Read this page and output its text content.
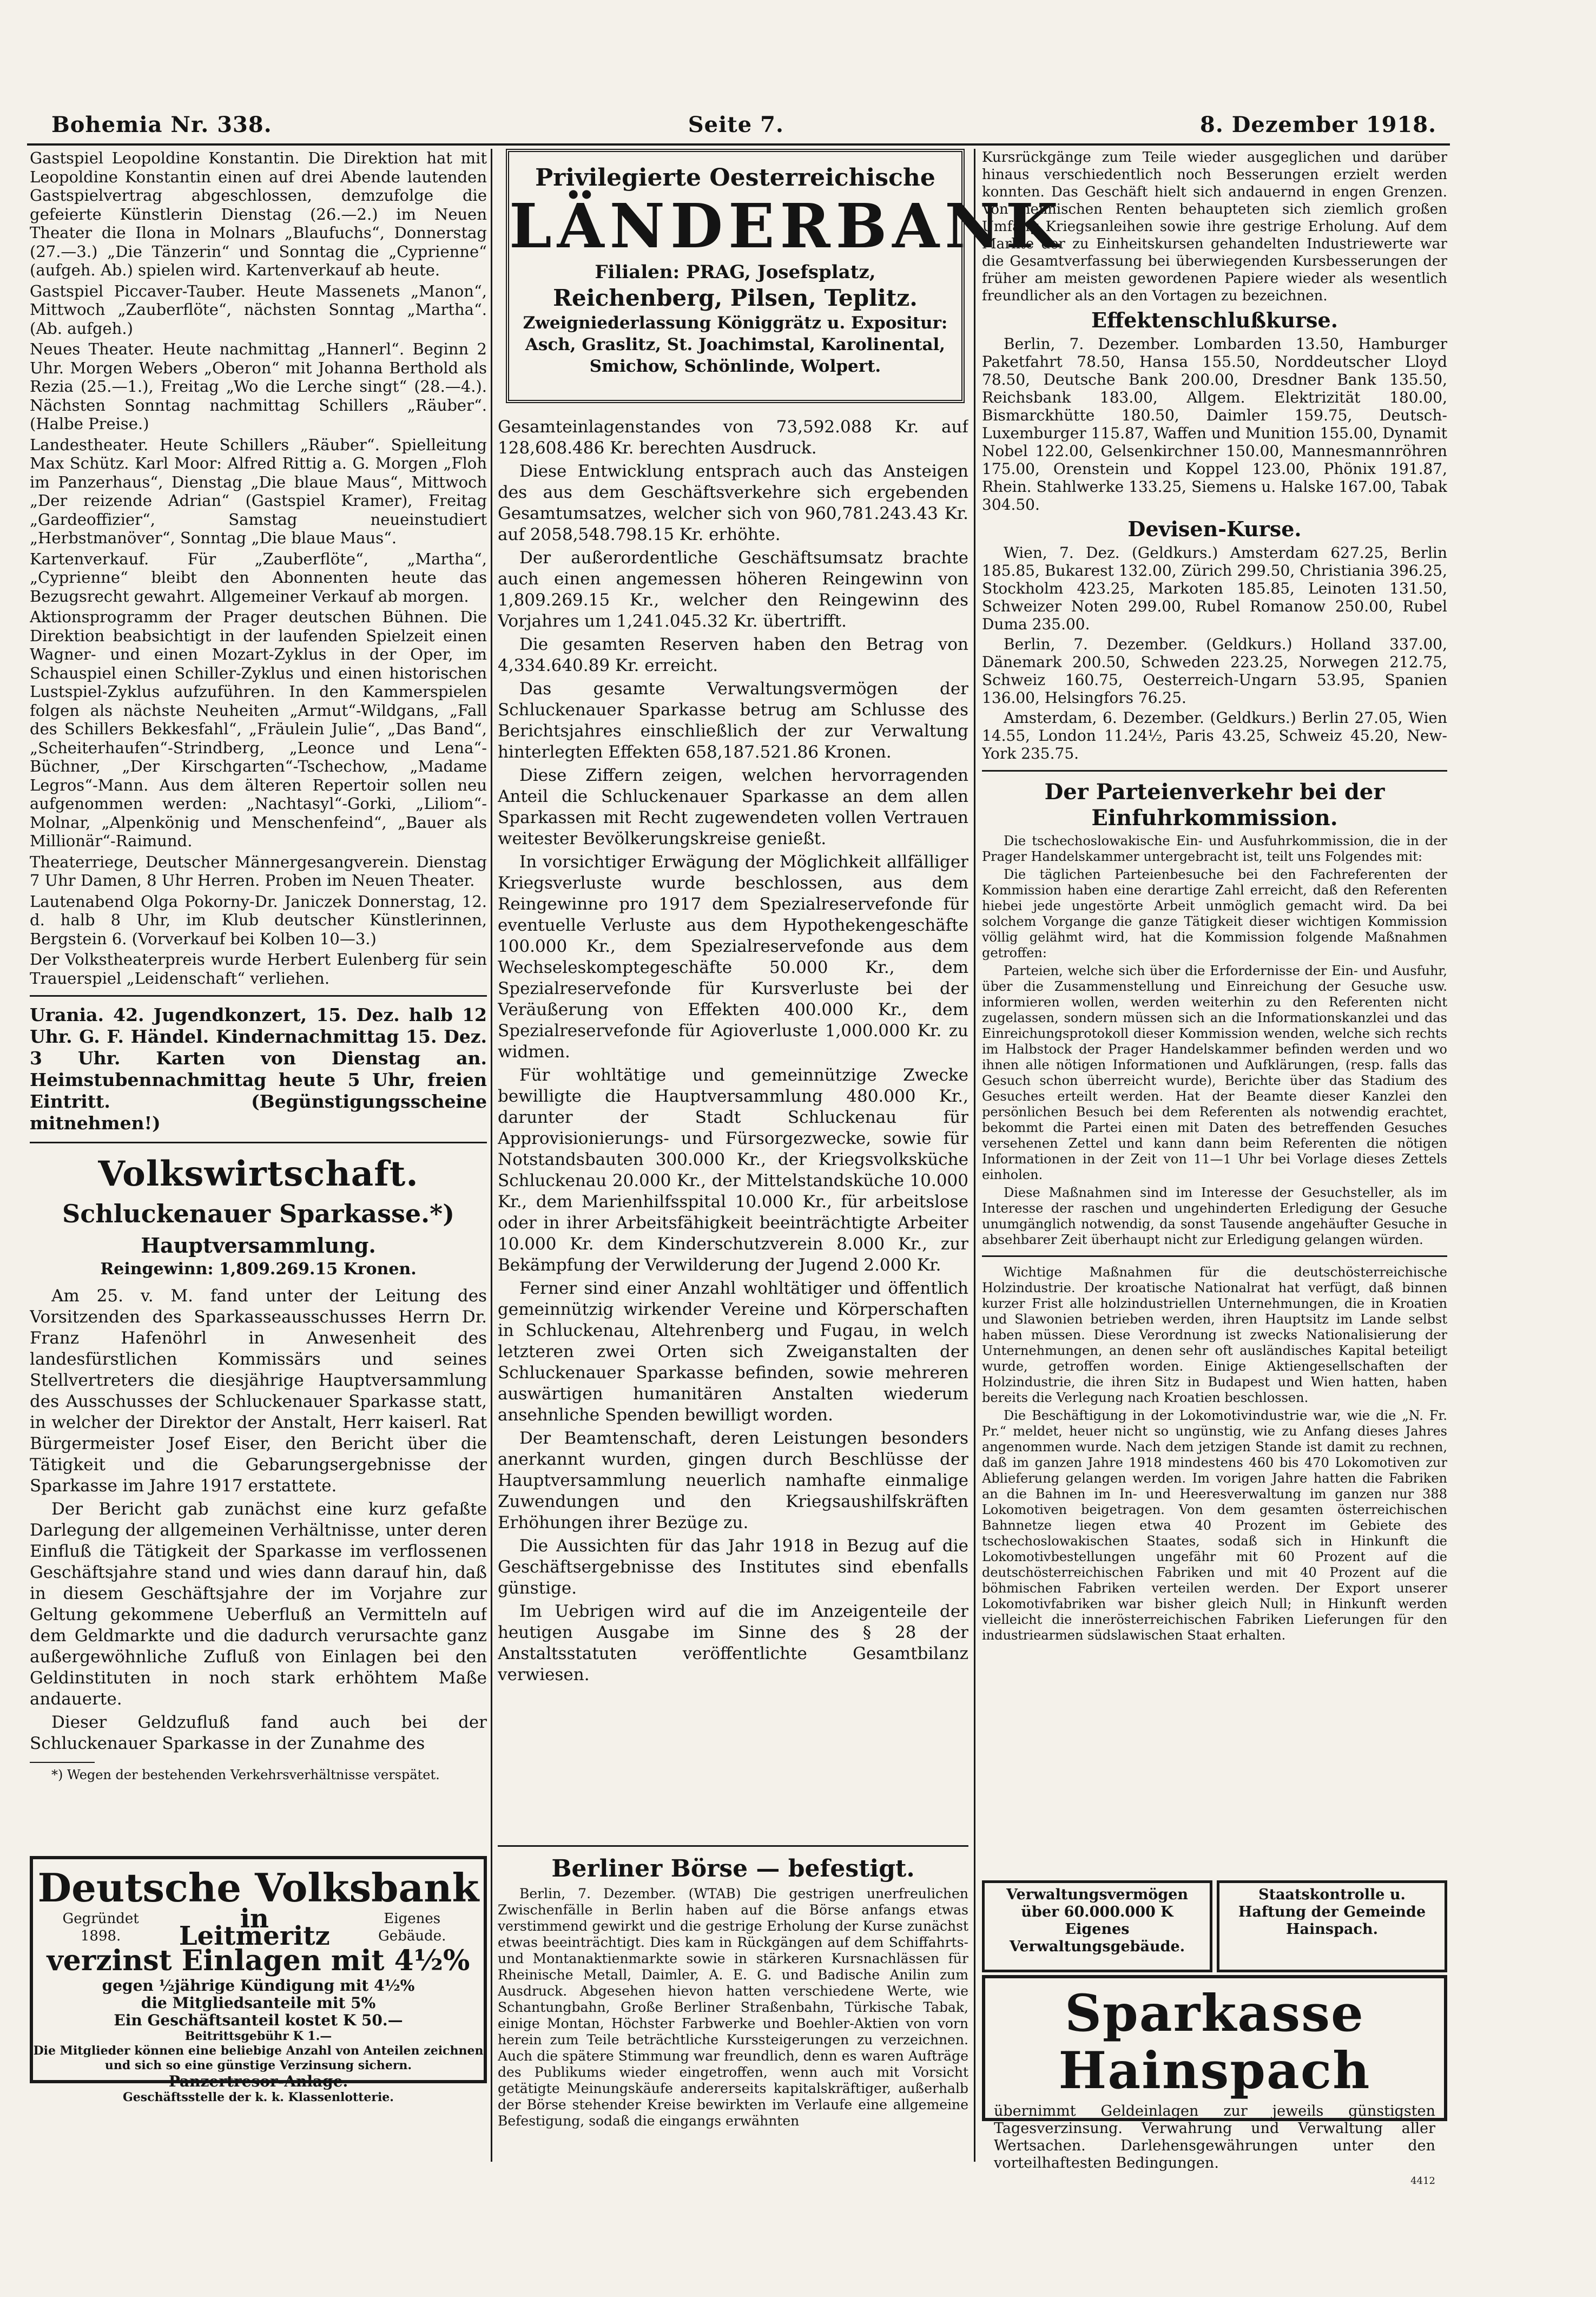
Bohemia Nr. 338.	Seite 7.	8. Dezember 1918.

Gastspiel Leopoldine Konstantin. Die Direktion hat mit Leopoldine Konstantin einen auf drei Abende lautenden Gastspielvertrag abgeschlossen, demzufolge die gefeierte Künstlerin Dienstag (26.—2.) im Neuen Theater die Ilona in Molnars „Blaufuchs“, Donnerstag (27.—3.) „Die Tänzerin“ und Sonntag die „Cyprienne“ (aufgeh. Ab.) spielen wird. Kartenverkauf ab heute.

Gastspiel Piccaver-Tauber. Heute Massenets „Manon“, Mittwoch „Zauberflöte“, nächsten Sonntag „Martha“. (Ab. aufgeh.)

Neues Theater. Heute nachmittag „Hannerl“. Beginn 2 Uhr. Morgen Webers „Oberon“ mit Johanna Berthold als Rezia (25.—1.), Freitag „Wo die Lerche singt“ (28.—4.). Nächsten Sonntag nachmittag Schillers „Räuber“. (Halbe Preise.)

Landestheater. Heute Schillers „Räuber“. Spielleitung Max Schütz. Karl Moor: Alfred Rittig a. G. Morgen „Floh im Panzerhaus“, Dienstag „Die blaue Maus“, Mittwoch „Der reizende Adrian“ (Gastspiel Kramer), Freitag „Gardeoffizier“, Samstag neueinstudiert „Herbstmanöver“, Sonntag „Die blaue Maus“.

Kartenverkauf. Für „Zauberflöte“, „Martha“, „Cyprienne“ bleibt den Abonnenten heute das Bezugsrecht gewahrt. Allgemeiner Verkauf ab morgen.

Aktionsprogramm der Prager deutschen Bühnen. Die Direktion beabsichtigt in der laufenden Spielzeit einen Wagner- und einen Mozart-Zyklus in der Oper, im Schauspiel einen Schiller-Zyklus und einen historischen Lustspiel-Zyklus aufzuführen. In den Kammerspielen folgen als nächste Neuheiten „Armut“-Wildgans, „Fall des Schillers Bekkesfahl“, „Fräulein Julie“, „Das Band“, „Scheiterhaufen“-Strindberg, „Leonce und Lena“-Büchner, „Der Kirschgarten“-Tschechow, „Madame Legros“-Mann. Aus dem älteren Repertoir sollen neu aufgenommen werden: „Nachtasyl“-Gorki, „Liliom“-Molnar, „Alpenkönig und Menschenfeind“, „Bauer als Millionär“-Raimund.

Theaterriege, Deutscher Männergesangverein. Dienstag 7 Uhr Damen, 8 Uhr Herren. Proben im Neuen Theater.

Lautenabend Olga Pokorny-Dr. Janiczek Donnerstag, 12. d. halb 8 Uhr, im Klub deutscher Künstlerinnen, Bergstein 6. (Vorverkauf bei Kolben 10—3.)

Der Volkstheaterpreis wurde Herbert Eulenberg für sein Trauerspiel „Leidenschaft“ verliehen.

Urania. 42. Jugendkonzert, 15. Dez. halb 12 Uhr. G. F. Händel. Kindernachmittag 15. Dez. 3 Uhr. Karten von Dienstag an. Heimstubennachmittag heute 5 Uhr, freien Eintritt. (Begünstigungsscheine mitnehmen!)

Volkswirtschaft.
Schluckenauer Sparkasse.*)
Hauptversammlung.
Reingewinn: 1,809.269.15 Kronen.

Am 25. v. M. fand unter der Leitung des Vorsitzenden des Sparkasseausschusses Herrn Dr. Franz Hafenöhrl in Anwesenheit des landesfürstlichen Kommissärs und seines Stellvertreters die diesjährige Hauptversammlung des Ausschusses der Schluckenauer Sparkasse statt, in welcher der Direktor der Anstalt, Herr kaiserl. Rat Bürgermeister Josef Eiser, den Bericht über die Tätigkeit und die Gebarungsergebnisse der Sparkasse im Jahre 1917 erstattete.

Der Bericht gab zunächst eine kurz gefaßte Darlegung der allgemeinen Verhältnisse, unter deren Einfluß die Tätigkeit der Sparkasse im verflossenen Geschäftsjahre stand und wies dann darauf hin, daß in diesem Geschäftsjahre der im Vorjahre zur Geltung gekommene Ueberfluß an Vermitteln auf dem Geldmarkte und die dadurch verursachte ganz außergewöhnliche Zufluß von Einlagen bei den Geldinstituten in noch stark erhöhtem Maße andauerte.

Dieser Geldzufluß fand auch bei der Schluckenauer Sparkasse in der Zunahme des

*) Wegen der bestehenden Verkehrsverhältnisse verspätet.

Deutsche Volksbank
Gegründet 1898.
in Leitmeritz
Eigenes Gebäude.
verzinst Einlagen mit 4½%
gegen ½jährige Kündigung mit 4½%
die Mitgliedsanteile mit 5%
Ein Geschäftsanteil kostet K 50.—
Beitrittsgebühr K 1.—
Die Mitglieder können eine beliebige Anzahl von Anteilen zeichnen und sich so eine günstige Verzinsung sichern.
Panzertresor-Anlage.
Geschäftsstelle der k. k. Klassenlotterie.
Privilegierte Oesterreichische
LÄNDERBANK
Filialen: PRAG, Josefsplatz,
Reichenberg, Pilsen, Teplitz.
Zweigniederlassung Königgrätz u. Expositur:
Asch, Graslitz, St. Joachimstal, Karolinental,
Smichow, Schönlinde, Wolpert.

Gesamteinlagenstandes von 73,592.088 Kr. auf 128,608.486 Kr. berechten Ausdruck.

Diese Entwicklung entsprach auch das Ansteigen des aus dem Geschäftsverkehre sich ergebenden Gesamtumsatzes, welcher sich von 960,781.243.43 Kr. auf 2058,548.798.15 Kr. erhöhte.

Der außerordentliche Geschäftsumsatz brachte auch einen angemessen höheren Reingewinn von 1,809.269.15 Kr., welcher den Reingewinn des Vorjahres um 1,241.045.32 Kr. übertrifft.

Die gesamten Reserven haben den Betrag von 4,334.640.89 Kr. erreicht.

Das gesamte Verwaltungsvermögen der Schluckenauer Sparkasse betrug am Schlusse des Berichtsjahres einschließlich der zur Verwaltung hinterlegten Effekten 658,187.521.86 Kronen.

Diese Ziffern zeigen, welchen hervorragenden Anteil die Schluckenauer Sparkasse an dem allen Sparkassen mit Recht zugewendeten vollen Vertrauen weitester Bevölkerungskreise genießt.

In vorsichtiger Erwägung der Möglichkeit allfälliger Kriegsverluste wurde beschlossen, aus dem Reingewinne pro 1917 dem Spezialreservefonde für eventuelle Verluste aus dem Hypothekengeschäfte 100.000 Kr., dem Spezialreservefonde aus dem Wechseleskomptegeschäfte 50.000 Kr., dem Spezialreservefonde für Kursverluste bei der Veräußerung von Effekten 400.000 Kr., dem Spezialreservefonde für Agioverluste 1,000.000 Kr. zu widmen.

Für wohltätige und gemeinnützige Zwecke bewilligte die Hauptversammlung 480.000 Kr., darunter der Stadt Schluckenau für Approvisionierungs- und Fürsorgezwecke, sowie für Notstandsbauten 300.000 Kr., der Kriegsvolksküche Schluckenau 20.000 Kr., der Mittelstandsküche 10.000 Kr., dem Marienhilfsspital 10.000 Kr., für arbeitslose oder in ihrer Arbeitsfähigkeit beeinträchtigte Arbeiter 10.000 Kr. dem Kinderschutzverein 8.000 Kr., zur Bekämpfung der Verwilderung der Jugend 2.000 Kr.

Ferner sind einer Anzahl wohltätiger und öffentlich gemeinnützig wirkender Vereine und Körperschaften in Schluckenau, Altehrenberg und Fugau, in welch letzteren zwei Orten sich Zweiganstalten der Schluckenauer Sparkasse befinden, sowie mehreren auswärtigen humanitären Anstalten wiederum ansehnliche Spenden bewilligt worden.

Der Beamtenschaft, deren Leistungen besonders anerkannt wurden, gingen durch Beschlüsse der Hauptversammlung neuerlich namhafte einmalige Zuwendungen und den Kriegsaushilfskräften Erhöhungen ihrer Bezüge zu.

Die Aussichten für das Jahr 1918 in Bezug auf die Geschäftsergebnisse des Institutes sind ebenfalls günstige.

Im Uebrigen wird auf die im Anzeigenteile der heutigen Ausgabe im Sinne des § 28 der Anstaltsstatuten veröffentlichte Gesamtbilanz verwiesen.

Berliner Börse — befestigt.

Berlin, 7. Dezember. (WTAB) Die gestrigen unerfreulichen Zwischenfälle in Berlin haben auf die Börse anfangs etwas verstimmend gewirkt und die gestrige Erholung der Kurse zunächst etwas beeinträchtigt. Dies kam in Rückgängen auf dem Schiffahrts- und Montanaktienmarkte sowie in stärkeren Kursnachlässen für Rheinische Metall, Daimler, A. E. G. und Badische Anilin zum Ausdruck. Abgesehen hievon hatten verschiedene Werte, wie Schantungbahn, Große Berliner Straßenbahn, Türkische Tabak, einige Montan, Höchster Farbwerke und Boehler-Aktien von vorn herein zum Teile beträchtliche Kurssteigerungen zu verzeichnen. Auch die spätere Stimmung war freundlich, denn es waren Aufträge des Publikums wieder eingetroffen, wenn auch mit Vorsicht getätigte Meinungskäufe andererseits kapitalskräftiger, außerhalb der Börse stehender Kreise bewirkten im Verlaufe eine allgemeine Befestigung, sodaß die eingangs erwähnten

Kursrückgänge zum Teile wieder ausgeglichen und darüber hinaus verschiedentlich noch Besserungen erzielt werden konnten. Das Geschäft hielt sich andauernd in engen Grenzen. Von heimischen Renten behaupteten sich ziemlich großen Umfang Kriegsanleihen sowie ihre gestrige Erholung. Auf dem Markte der zu Einheitskursen gehandelten Industriewerte war die Gesamtverfassung bei überwiegenden Kursbesserungen der früher am meisten gewordenen Papiere wieder als wesentlich freundlicher als an den Vortagen zu bezeichnen.

Effektenschlußkurse.

Berlin, 7. Dezember. Lombarden 13.50, Hamburger Paketfahrt 78.50, Hansa 155.50, Norddeutscher Lloyd 78.50, Deutsche Bank 200.00, Dresdner Bank 135.50, Reichsbank 183.00, Allgem. Elektrizität 180.00, Bismarckhütte 180.50, Daimler 159.75, Deutsch-Luxemburger 115.87, Waffen und Munition 155.00, Dynamit Nobel 122.00, Gelsenkirchner 150.00, Mannesmannröhren 175.00, Orenstein und Koppel 123.00, Phönix 191.87, Rhein. Stahlwerke 133.25, Siemens u. Halske 167.00, Tabak 304.50.

Devisen-Kurse.

Wien, 7. Dez. (Geldkurs.) Amsterdam 627.25, Berlin 185.85, Bukarest 132.00, Zürich 299.50, Christiania 396.25, Stockholm 423.25, Markoten 185.85, Leinoten 131.50, Schweizer Noten 299.00, Rubel Romanow 250.00, Rubel Duma 235.00.

Berlin, 7. Dezember. (Geldkurs.) Holland 337.00, Dänemark 200.50, Schweden 223.25, Norwegen 212.75, Schweiz 160.75, Oesterreich-Ungarn 53.95, Spanien 136.00, Helsingfors 76.25.

Amsterdam, 6. Dezember. (Geldkurs.) Berlin 27.05, Wien 14.55, London 11.24½, Paris 43.25, Schweiz 45.20, New-York 235.75.

Der Parteienverkehr bei der Einfuhrkommission.

Die tschechoslowakische Ein- und Ausfuhrkommission, die in der Prager Handelskammer untergebracht ist, teilt uns Folgendes mit:

Die täglichen Parteienbesuche bei den Fachreferenten der Kommission haben eine derartige Zahl erreicht, daß den Referenten hiebei jede ungestörte Arbeit unmöglich gemacht wird. Da bei solchem Vorgange die ganze Tätigkeit dieser wichtigen Kommission völlig gelähmt wird, hat die Kommission folgende Maßnahmen getroffen:

Parteien, welche sich über die Erfordernisse der Ein- und Ausfuhr, über die Zusammenstellung und Einreichung der Gesuche usw. informieren wollen, werden weiterhin zu den Referenten nicht zugelassen, sondern müssen sich an die Informationskanzlei und das Einreichungsprotokoll dieser Kommission wenden, welche sich rechts im Halbstock der Prager Handelskammer befinden werden und wo ihnen alle nötigen Informationen und Aufklärungen, (resp. falls das Gesuch schon überreicht wurde), Berichte über das Stadium des Gesuches erteilt werden. Hat der Beamte dieser Kanzlei den persönlichen Besuch bei dem Referenten als notwendig erachtet, bekommt die Partei einen mit Daten des betreffenden Gesuches versehenen Zettel und kann dann beim Referenten die nötigen Informationen in der Zeit von 11—1 Uhr bei Vorlage dieses Zettels einholen.

Diese Maßnahmen sind im Interesse der Gesuchsteller, als im Interesse der raschen und ungehinderten Erledigung der Gesuche unumgänglich notwendig, da sonst Tausende angehäufter Gesuche in absehbarer Zeit überhaupt nicht zur Erledigung gelangen würden.

Wichtige Maßnahmen für die deutschösterreichische Holzindustrie. Der kroatische Nationalrat hat verfügt, daß binnen kurzer Frist alle holzindustriellen Unternehmungen, die in Kroatien und Slawonien betrieben werden, ihren Hauptsitz im Lande selbst haben müssen. Diese Verordnung ist zwecks Nationalisierung der Unternehmungen, an denen sehr oft ausländisches Kapital beteiligt wurde, getroffen worden. Einige Aktiengesellschaften der Holzindustrie, die ihren Sitz in Budapest und Wien hatten, haben bereits die Verlegung nach Kroatien beschlossen.

Die Beschäftigung in der Lokomotivindustrie war, wie die „N. Fr. Pr.“ meldet, heuer nicht so ungünstig, wie zu Anfang dieses Jahres angenommen wurde. Nach dem jetzigen Stande ist damit zu rechnen, daß im ganzen Jahre 1918 mindestens 460 bis 470 Lokomotiven zur Ablieferung gelangen werden. Im vorigen Jahre hatten die Fabriken an die Bahnen im In- und Heeresverwaltung im ganzen nur 388 Lokomotiven beigetragen. Von dem gesamten österreichischen Bahnnetze liegen etwa 40 Prozent im Gebiete des tschechoslowakischen Staates, sodaß sich in Hinkunft die Lokomotivbestellungen ungefähr mit 60 Prozent auf die deutschösterreichischen Fabriken und mit 40 Prozent auf die böhmischen Fabriken verteilen werden. Der Export unserer Lokomotivfabriken war bisher gleich Null; in Hinkunft werden vielleicht die innerösterreichischen Fabriken Lieferungen für den industriearmen südslawischen Staat erhalten.

Verwaltungsvermögen über 60.000.000 K Eigenes Verwaltungsgebäude.
Staatskontrolle u. Haftung der Gemeinde Hainspach.
Sparkasse Hainspach
übernimmt Geldeinlagen zur jeweils günstigsten Tagesverzinsung. Verwahrung und Verwaltung aller Wertsachen. Darlehensgewährungen unter den vorteilhaftesten Bedingungen.
4412
